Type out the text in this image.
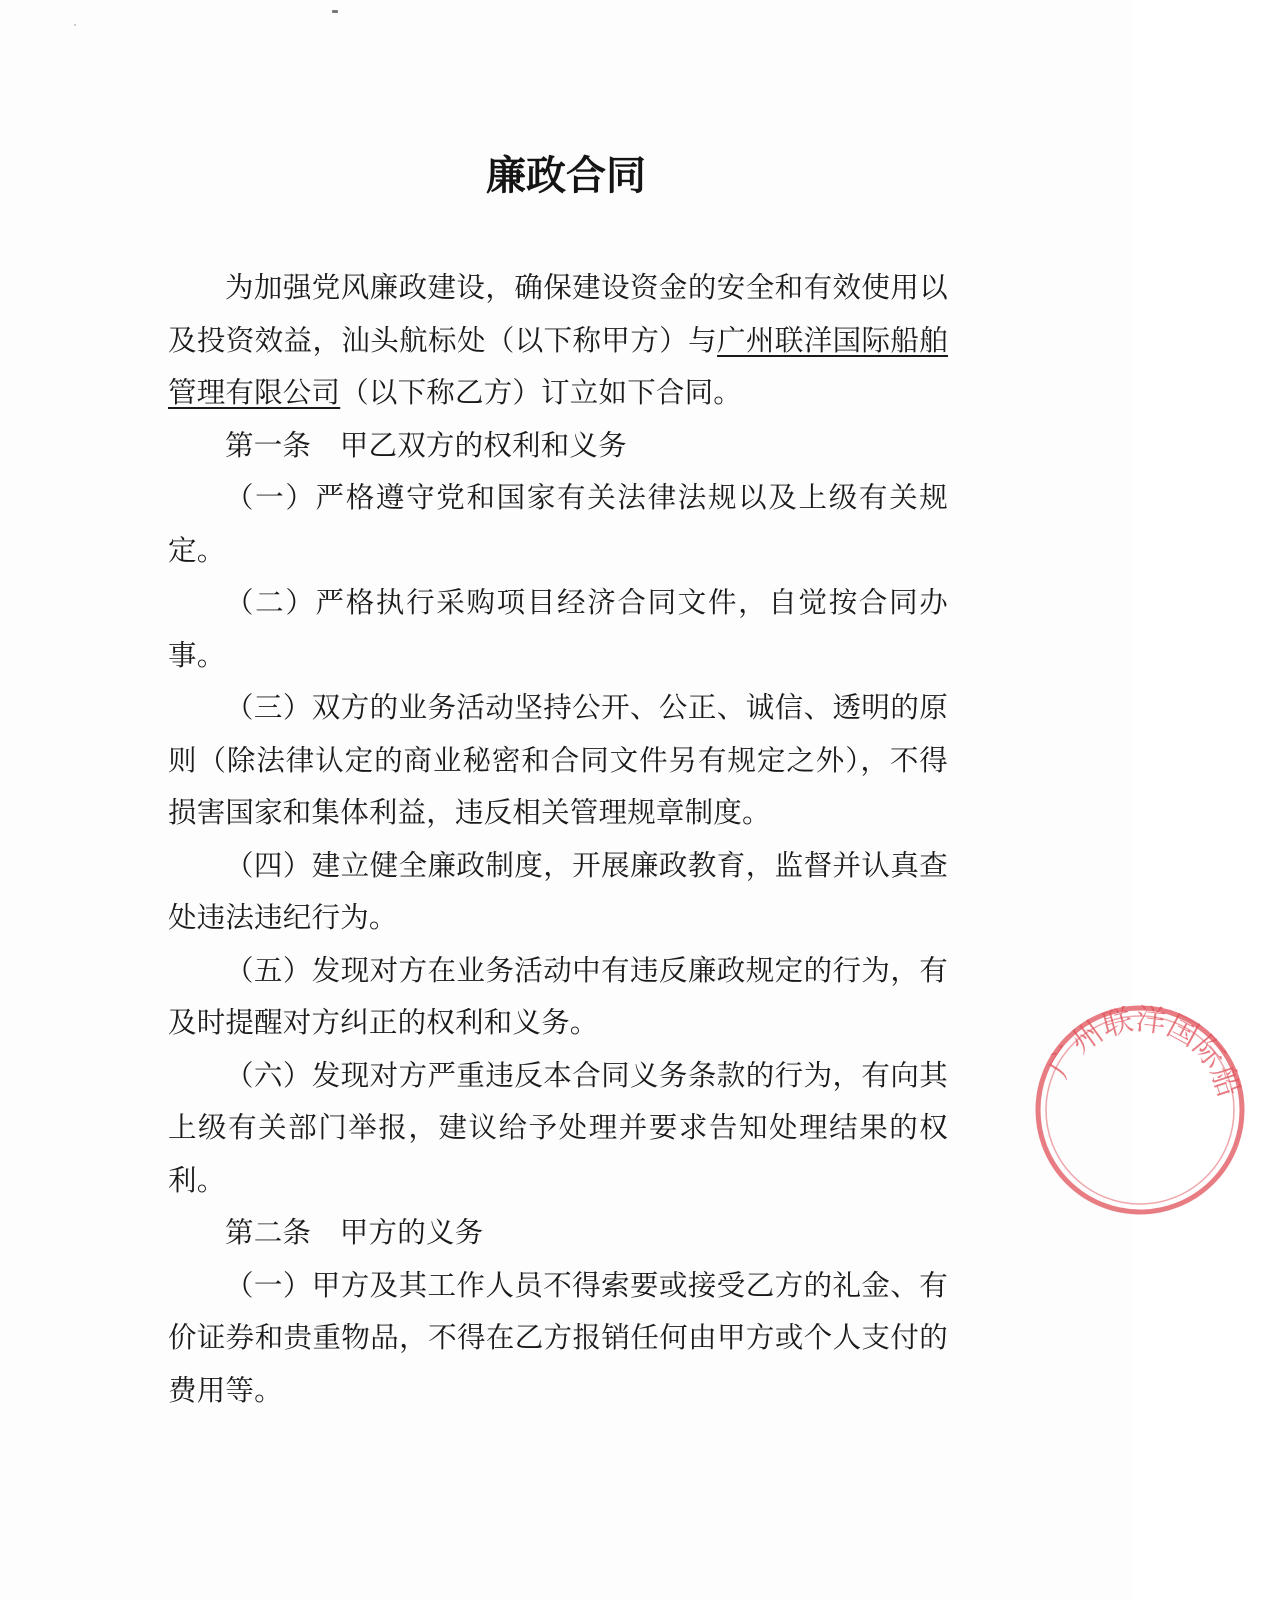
廉政合同

为加强党风廉政建设，确保建设资金的安全和有效使用以及投资效益，汕头航标处（以下称甲方）与广州联洋国际船舶管理有限公司（以下称乙方）订立如下合同。

第一条　甲乙双方的权利和义务

（一）严格遵守党和国家有关法律法规以及上级有关规定。

（二）严格执行采购项目经济合同文件，自觉按合同办事。

（三）双方的业务活动坚持公开、公正、诚信、透明的原则（除法律认定的商业秘密和合同文件另有规定之外），不得损害国家和集体利益，违反相关管理规章制度。

（四）建立健全廉政制度，开展廉政教育，监督并认真查处违法违纪行为。

（五）发现对方在业务活动中有违反廉政规定的行为，有及时提醒对方纠正的权利和义务。

（六）发现对方严重违反本合同义务条款的行为，有向其上级有关部门举报，建议给予处理并要求告知处理结果的权利。

第二条　甲方的义务

（一）甲方及其工作人员不得索要或接受乙方的礼金、有价证券和贵重物品，不得在乙方报销任何由甲方或个人支付的费用等。

广州联洋国际船
